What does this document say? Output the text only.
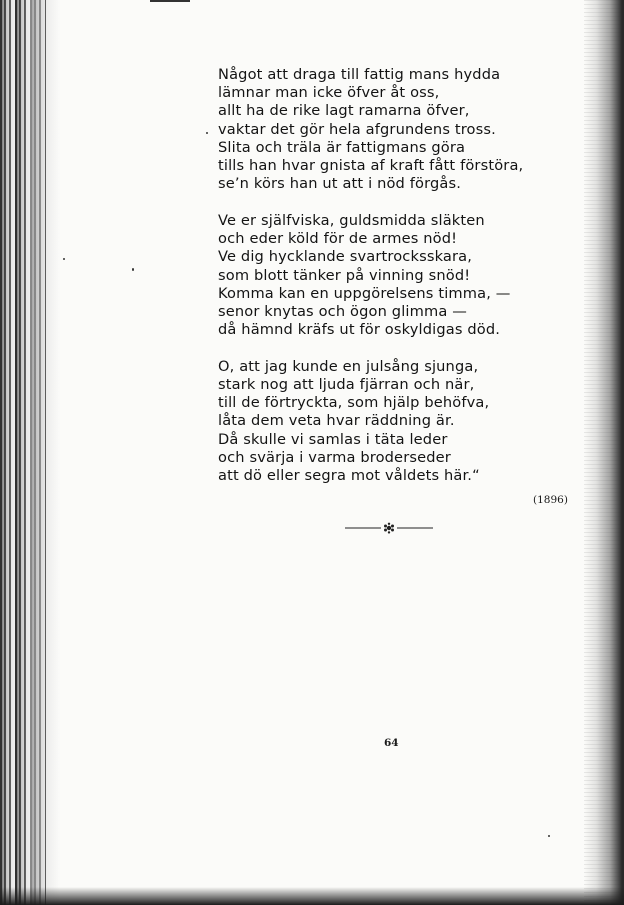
Något att draga till fattig mans hydda
lämnar man icke öfver åt oss,
allt ha de rike lagt ramarna öfver,
vaktar det gör hela afgrundens tross.
Slita och träla är fattigmans göra
tills han hvar gnista af kraft fått förstöra,
se’n körs han ut att i nöd förgås.
Ve er själfviska, guldsmidda släkten
och eder köld för de armes nöd!
Ve dig hycklande svartrocksskara,
som blott tänker på vinning snöd!
Komma kan en uppgörelsens timma, —
senor knytas och ögon glimma —
då hämnd kräfs ut för oskyldigas död.
O, att jag kunde en julsång sjunga,
stark nog att ljuda fjärran och när,
till de förtryckta, som hjälp behöfva,
låta dem veta hvar räddning är.
Då skulle vi samlas i täta leder
och svärja i varma broderseder
att dö eller segra mot våldets här.“
(1896)
64
